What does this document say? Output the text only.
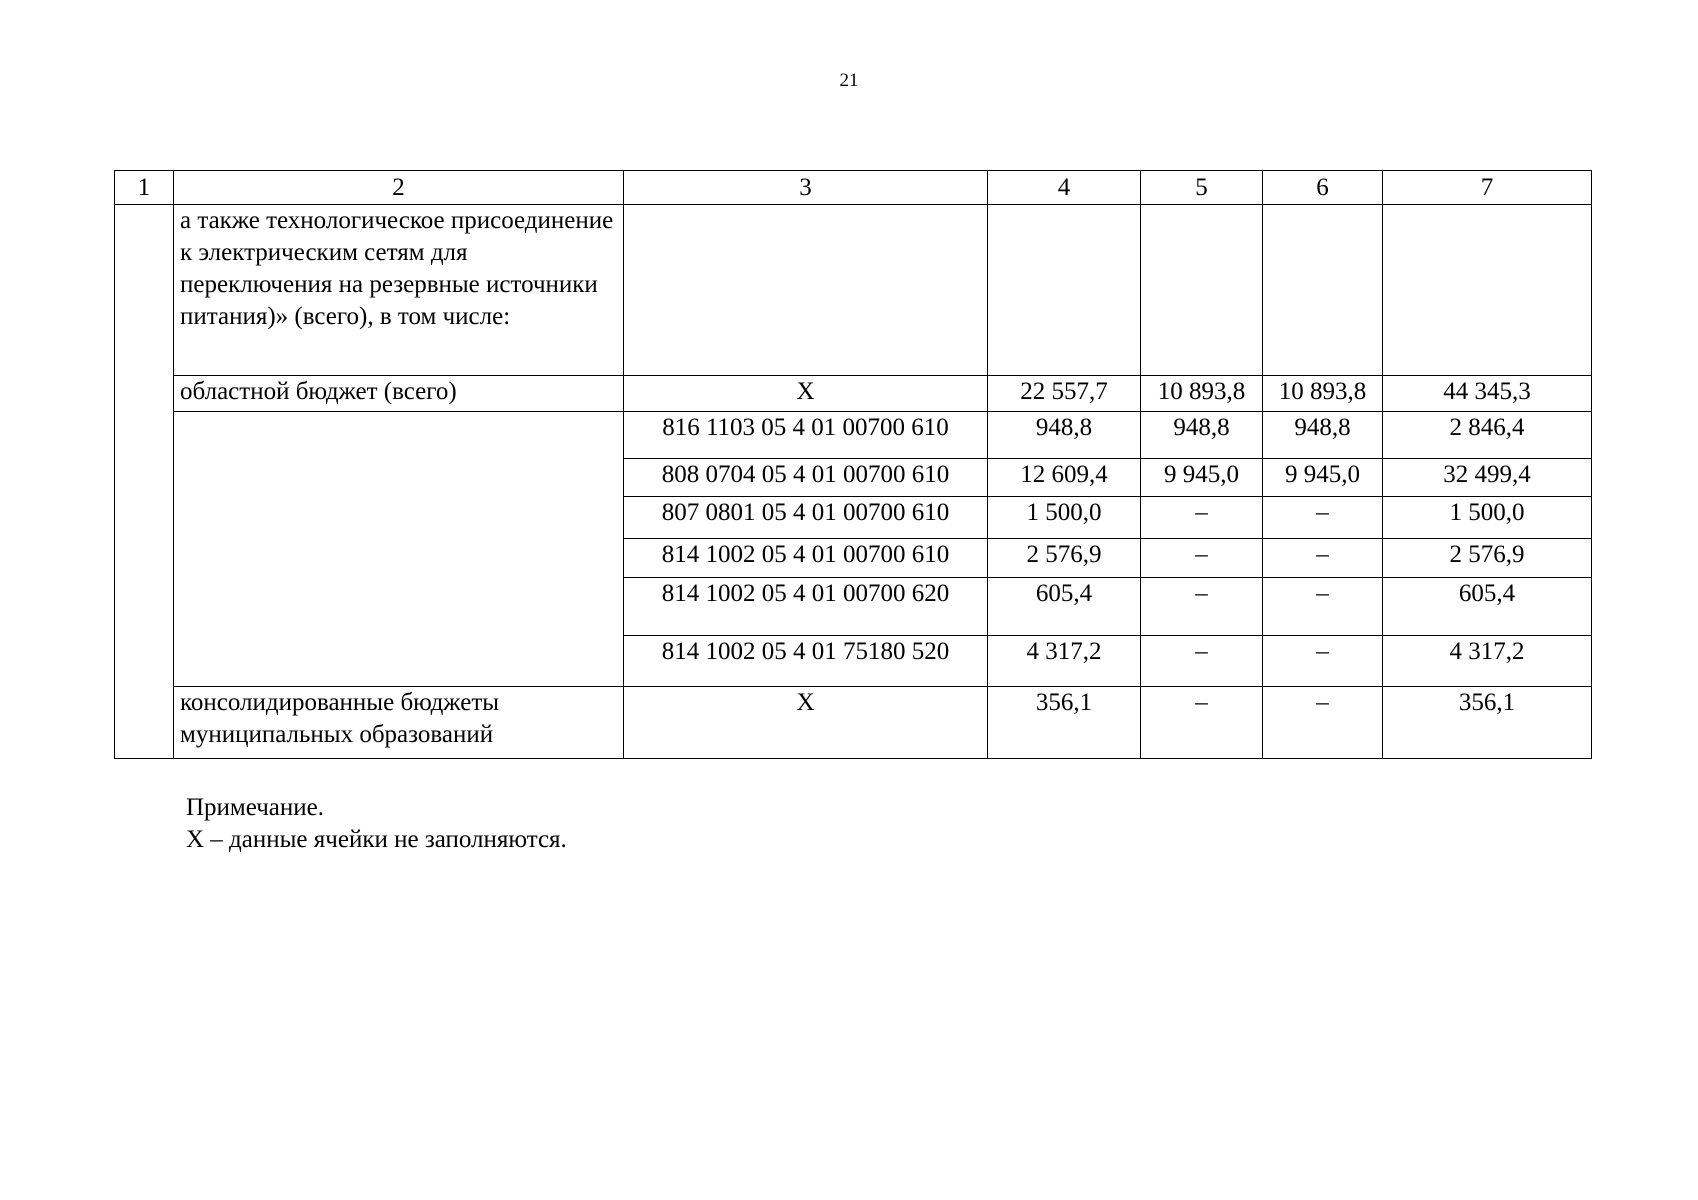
21
1	2	3	4	5	6	7
	а также технологическое присоединение к электрическим сетям для переключения на резервные источники питания)» (всего), в том числе:					
	областной бюджет (всего)	Х	22 557,7	10 893,8	10 893,8	44 345,3
		816 1103 05 4 01 00700 610	948,8	948,8	948,8	2 846,4
		808 0704 05 4 01 00700 610	12 609,4	9 945,0	9 945,0	32 499,4
		807 0801 05 4 01 00700 610	1 500,0	–	–	1 500,0
		814 1002 05 4 01 00700 610	2 576,9	–	–	2 576,9
		814 1002 05 4 01 00700 620	605,4	–	–	605,4
		814 1002 05 4 01 75180 520	4 317,2	–	–	4 317,2
	консолидированные бюджеты муниципальных образований	Х	356,1	–	–	356,1
Примечание.
Х – данные ячейки не заполняются.
